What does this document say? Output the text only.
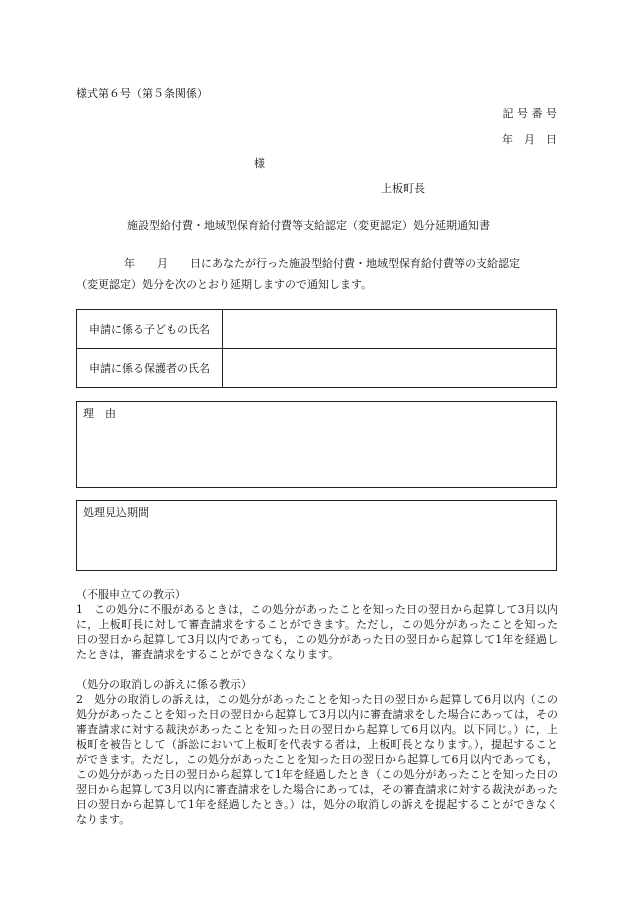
様式第６号（第５条関係）
記 号 番 号
年　月　日
様
上板町長
施設型給付費・地域型保育給付費等支給認定（変更認定）処分延期通知書

年　　月　　日にあなたが行った施設型給付費・地域型保育給付費等の支給認定

（変更認定）処分を次のとおり延期しますので通知します。

申請に係る子どもの氏名	
申請に係る保護者の氏名	
理　由
処理見込期間

（不服申立ての教示）

1　この処分に不服があるときは，この処分があったことを知った日の翌日から起算して3月以内に，上板町長に対して審査請求をすることができます。ただし，この処分があったことを知った日の翌日から起算して3月以内であっても，この処分があった日の翌日から起算して1年を経過したときは，審査請求をすることができなくなります。

（処分の取消しの訴えに係る教示）

2　処分の取消しの訴えは，この処分があったことを知った日の翌日から起算して6月以内（この処分があったことを知った日の翌日から起算して3月以内に審査請求をした場合にあっては，その審査請求に対する裁決があったことを知った日の翌日から起算して6月以内。以下同じ。）に，上板町を被告として（訴訟において上板町を代表する者は，上板町長となります。），提起することができます。ただし，この処分があったことを知った日の翌日から起算して6月以内であっても，この処分があった日の翌日から起算して1年を経過したとき（この処分があったことを知った日の翌日から起算して3月以内に審査請求をした場合にあっては，その審査請求に対する裁決があった日の翌日から起算して1年を経過したとき。）は，処分の取消しの訴えを提起することができなくなります。
